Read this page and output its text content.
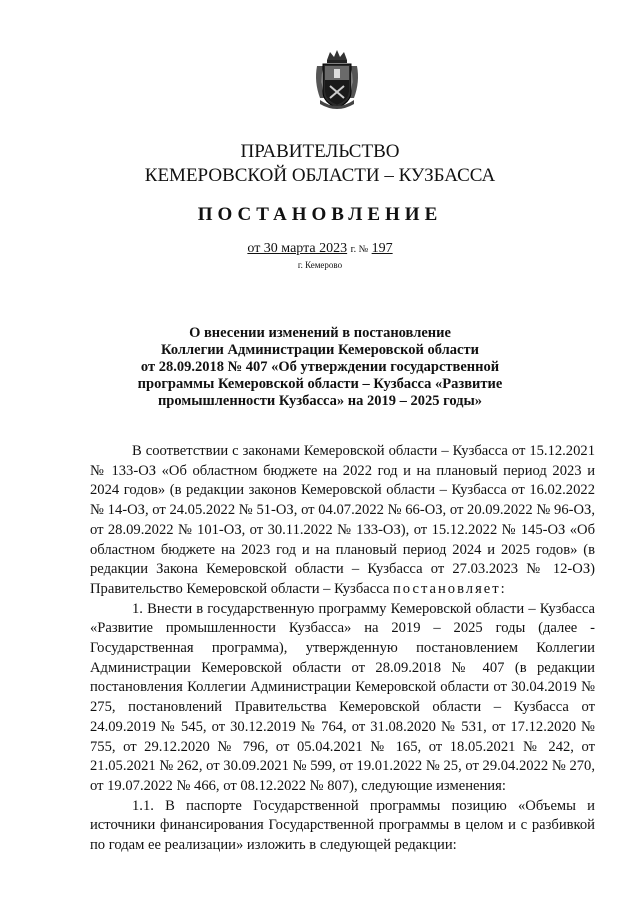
ПРАВИТЕЛЬСТВО
КЕМЕРОВСКОЙ ОБЛАСТИ – КУЗБАССА
ПОСТАНОВЛЕНИЕ
от 30 марта 2023 г. № 197
г. Кемерово
О внесении изменений в постановление
Коллегии Администрации Кемеровской области
от 28.09.2018 № 407 «Об утверждении государственной
программы Кемеровской области – Кузбасса «Развитие
промышленности Кузбасса» на 2019 – 2025 годы»

В соответствии с законами Кемеровской области – Кузбасса от 15.12.2021 № 133-ОЗ «Об областном бюджете на 2022 год и на плановый период 2023 и 2024 годов» (в редакции законов Кемеровской области – Кузбасса от 16.02.2022 № 14-ОЗ, от 24.05.2022 № 51-ОЗ, от 04.07.2022 № 66-ОЗ, от 20.09.2022 № 96-ОЗ, от 28.09.2022 № 101-ОЗ, от 30.11.2022 № 133-ОЗ), от 15.12.2022 № 145-ОЗ «Об областном бюджете на 2023 год и на плановый период 2024 и 2025 годов» (в редакции Закона Кемеровской области – Кузбасса от 27.03.2023 № 12-ОЗ) Правительство Кемеровской области – Кузбасса постановляет:

1. Внести в государственную программу Кемеровской области – Кузбасса «Развитие промышленности Кузбасса» на 2019 – 2025 годы (далее - Государственная программа), утвержденную постановлением Коллегии Администрации Кемеровской области от 28.09.2018 № 407 (в редакции постановления Коллегии Администрации Кемеровской области от 30.04.2019 № 275, постановлений Правительства Кемеровской области – Кузбасса от 24.09.2019 № 545, от 30.12.2019 № 764, от 31.08.2020 № 531, от 17.12.2020 № 755, от 29.12.2020 № 796, от 05.04.2021 № 165, от 18.05.2021 № 242, от 21.05.2021 № 262, от 30.09.2021 № 599, от 19.01.2022 № 25, от 29.04.2022 № 270, от 19.07.2022 № 466, от 08.12.2022 № 807), следующие изменения:

1.1. В паспорте Государственной программы позицию «Объемы и источники финансирования Государственной программы в целом и с разбивкой по годам ее реализации» изложить в следующей редакции:
